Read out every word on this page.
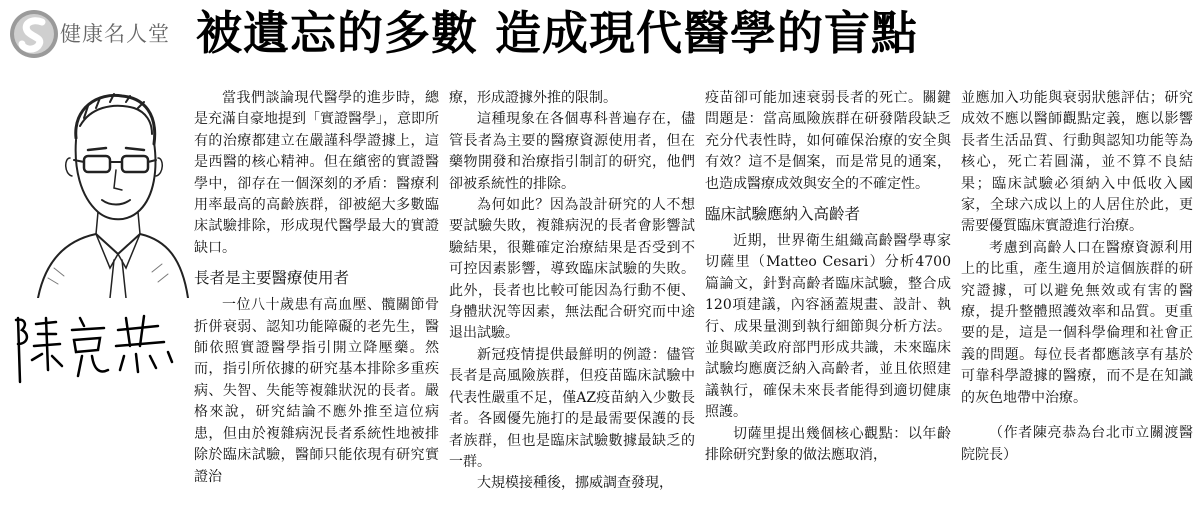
健康名人堂 被遺忘的多數 造成現代醫學的盲點

當我們談論現代醫學的進步時，總是充滿自豪地提到「實證醫學」，意即所有的治療都建立在嚴謹科學證據上，這是西醫的核心精神。但在繽密的實證醫學中，卻存在一個深刻的矛盾：醫療利用率最高的高齡族群，卻被絕大多數臨床試驗排除，形成現代醫學最大的實證缺口。

長者是主要醫療使用者

一位八十歲患有高血壓、髖關節骨折併衰弱、認知功能障礙的老先生，醫師依照實證醫學指引開立降壓藥。然而，指引所依據的研究基本排除多重疾病、失智、失能等複雜狀況的長者。嚴格來說，研究結論不應外推至這位病患，但由於複雜病況長者系統性地被排除於臨床試驗，醫師只能依現有研究實證治

療，形成證據外推的限制。

這種現象在各個專科普遍存在，儘管長者為主要的醫療資源使用者，但在藥物開發和治療指引制訂的研究，他們卻被系統性的排除。

為何如此？因為設計研究的人不想要試驗失敗，複雜病況的長者會影響試驗結果，很難確定治療結果是否受到不可控因素影響，導致臨床試驗的失敗。此外，長者也比較可能因為行動不便、身體狀況等因素，無法配合研究而中途退出試驗。

新冠疫情提供最鮮明的例證：儘管長者是高風險族群，但疫苗臨床試驗中代表性嚴重不足，僅AZ疫苗納入少數長者。各國優先施打的是最需要保護的長者族群，但也是臨床試驗數據最缺乏的一群。

大規模接種後，挪威調查發現，

疫苗卻可能加速衰弱長者的死亡。關鍵問題是：當高風險族群在研發階段缺乏充分代表性時，如何確保治療的安全與有效？這不是個案，而是常見的通案，也造成醫療成效與安全的不確定性。

臨床試驗應納入高齡者

近期，世界衛生組織高齡醫學專家切薩里（Matteo Cesari）分析4700篇論文，針對高齡者臨床試驗，整合成120項建議，內容涵蓋規畫、設計、執行、成果量測到執行細節與分析方法。並與歐美政府部門形成共識，未來臨床試驗均應廣泛納入高齡者，並且依照建議執行，確保未來長者能得到適切健康照護。

切薩里提出幾個核心觀點：以年齡排除研究對象的做法應取消，

並應加入功能與衰弱狀態評估；研究成效不應以醫師觀點定義，應以影響長者生活品質、行動與認知功能等為核心，死亡若圓滿，並不算不良結果；臨床試驗必須納入中低收入國家，全球六成以上的人居住於此，更需要優質臨床實證進行治療。

考慮到高齡人口在醫療資源利用上的比重，產生適用於這個族群的研究證據，可以避免無效或有害的醫療，提升整體照護效率和品質。更重要的是，這是一個科學倫理和社會正義的問題。每位長者都應該享有基於可靠科學證據的醫療，而不是在知識的灰色地帶中治療。

（作者陳亮恭為台北市立關渡醫院院長）
